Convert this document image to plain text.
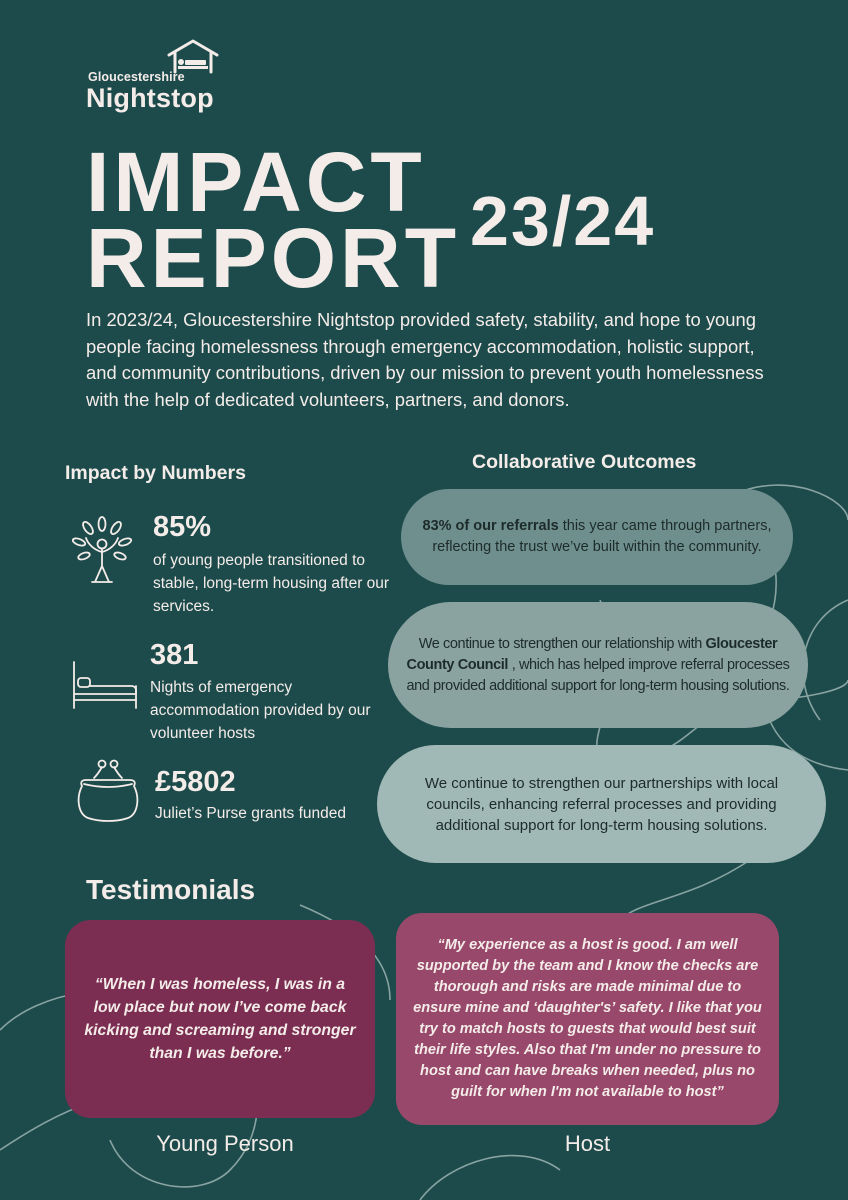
Gloucestershire
Nightstop
IMPACT
REPORT 23/24
In 2023/24, Gloucestershire Nightstop provided safety, stability, and hope to young people facing homelessness through emergency accommodation, holistic support, and community contributions, driven by our mission to prevent youth homelessness with the help of dedicated volunteers, partners, and donors.
Impact by Numbers
85%
of young people transitioned to stable, long-term housing after our services.
381
Nights of emergency accommodation provided by our volunteer hosts
£5802
Juliet’s Purse grants funded
Collaborative Outcomes
83% of our referrals this year came through partners, reflecting the trust we’ve built within the community.
We continue to strengthen our relationship with Gloucester County Council , which has helped improve referral processes and provided additional support for long-term housing solutions.
We continue to strengthen our partnerships with local councils, enhancing referral processes and providing additional support for long-term housing solutions.
Testimonials
“When I was homeless, I was in a low place but now I’ve come back kicking and screaming and stronger than I was before.”
“My experience as a host is good. I am well supported by the team and I know the checks are thorough and risks are made minimal due to ensure mine and ‘daughter's’ safety. I like that you try to match hosts to guests that would best suit their life styles. Also that I'm under no pressure to host and can have breaks when needed, plus no guilt for when I'm not available to host”
Young Person	Host
